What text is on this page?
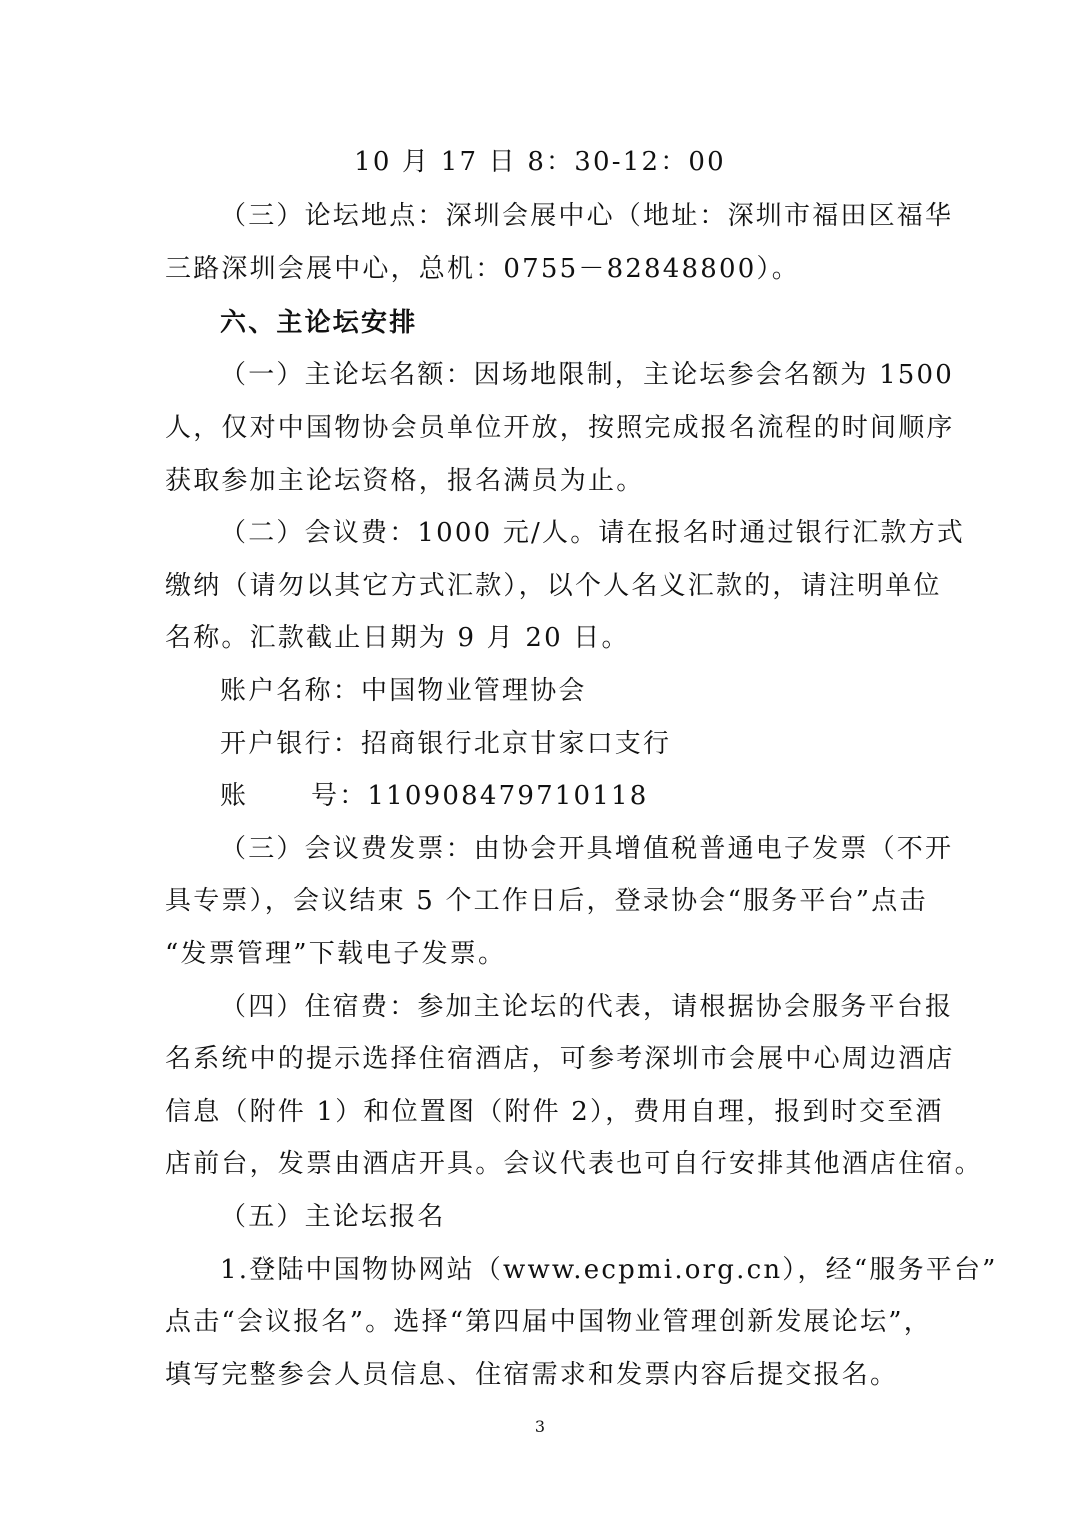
10 月 17 日 8：30-12：00
（三）论坛地点：深圳会展中心（地址：深圳市福田区福华
三路深圳会展中心，总机：0755－82848800）。
六、主论坛安排
（一）主论坛名额：因场地限制，主论坛参会名额为 1500
人，仅对中国物协会员单位开放，按照完成报名流程的时间顺序
获取参加主论坛资格，报名满员为止。
（二）会议费：1000 元/人。请在报名时通过银行汇款方式
缴纳（请勿以其它方式汇款），以个人名义汇款的，请注明单位
名称。汇款截止日期为 9 月 20 日。
账户名称：中国物业管理协会
开户银行：招商银行北京甘家口支行
账      号：110908479710118
（三）会议费发票：由协会开具增值税普通电子发票（不开
具专票），会议结束 5 个工作日后，登录协会“服务平台”点击
“发票管理”下载电子发票。
（四）住宿费：参加主论坛的代表，请根据协会服务平台报
名系统中的提示选择住宿酒店，可参考深圳市会展中心周边酒店
信息（附件 1）和位置图（附件 2），费用自理，报到时交至酒
店前台，发票由酒店开具。会议代表也可自行安排其他酒店住宿。
（五）主论坛报名
1.登陆中国物协网站（www.ecpmi.org.cn），经“服务平台”
点击“会议报名”。选择“第四届中国物业管理创新发展论坛”，
填写完整参会人员信息、住宿需求和发票内容后提交报名。
3
